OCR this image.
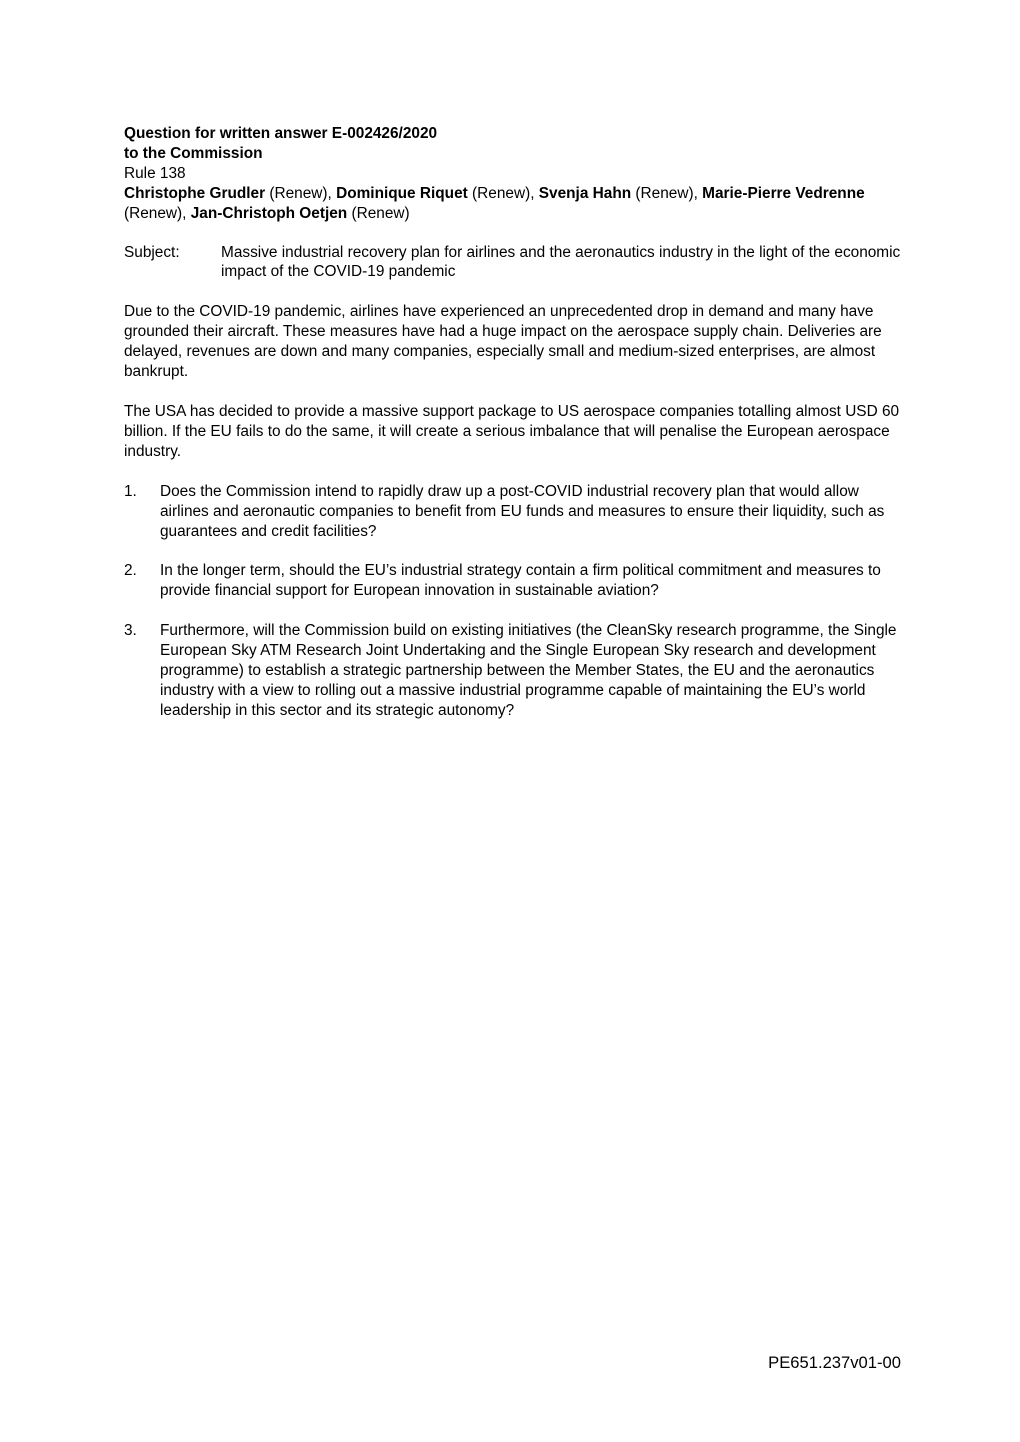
Question for written answer E-002426/2020
to the Commission
Rule 138
Christophe Grudler (Renew), Dominique Riquet (Renew), Svenja Hahn (Renew), Marie-Pierre Vedrenne (Renew), Jan-Christoph Oetjen (Renew)
Subject:	Massive industrial recovery plan for airlines and the aeronautics industry in the light of the economic impact of the COVID-19 pandemic
Due to the COVID-19 pandemic, airlines have experienced an unprecedented drop in demand and many have grounded their aircraft. These measures have had a huge impact on the aerospace supply chain. Deliveries are delayed, revenues are down and many companies, especially small and medium-sized enterprises, are almost bankrupt.
The USA has decided to provide a massive support package to US aerospace companies totalling almost USD 60 billion. If the EU fails to do the same, it will create a serious imbalance that will penalise the European aerospace industry.
1.	Does the Commission intend to rapidly draw up a post-COVID industrial recovery plan that would allow airlines and aeronautic companies to benefit from EU funds and measures to ensure their liquidity, such as guarantees and credit facilities?
2.	In the longer term, should the EU’s industrial strategy contain a firm political commitment and measures to provide financial support for European innovation in sustainable aviation?
3.	Furthermore, will the Commission build on existing initiatives (the CleanSky research programme, the Single European Sky ATM Research Joint Undertaking and the Single European Sky research and development programme) to establish a strategic partnership between the Member States, the EU and the aeronautics industry with a view to rolling out a massive industrial programme capable of maintaining the EU’s world leadership in this sector and its strategic autonomy?
PE651.237v01-00
